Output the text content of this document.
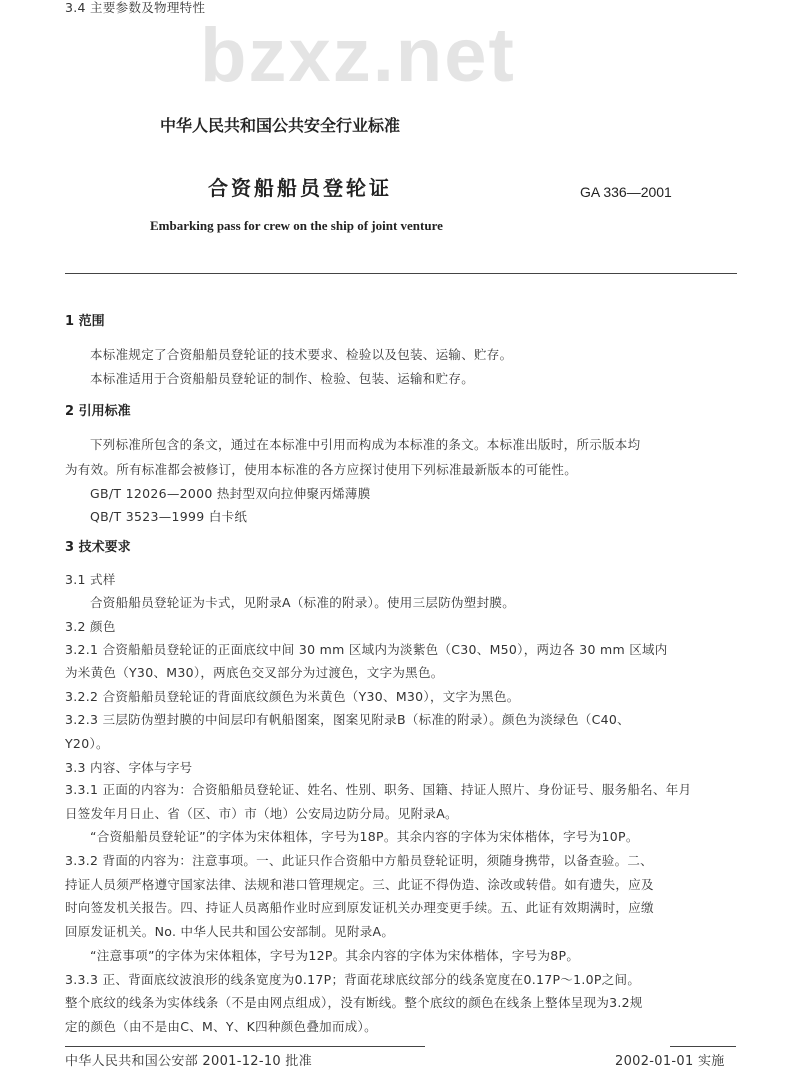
bzxz.net
中华人民共和国公共安全行业标准
合资船船员登轮证	GA 336—2001
Embarking pass for crew on the ship of joint venture
1 范围
本标准规定了合资船船员登轮证的技术要求、检验以及包装、运输、贮存。
本标准适用于合资船船员登轮证的制作、检验、包装、运输和贮存。
2 引用标准
下列标准所包含的条文，通过在本标准中引用而构成为本标准的条文。本标准出版时，所示版本均
为有效。所有标准都会被修订，使用本标准的各方应探讨使用下列标准最新版本的可能性。
GB/T 12026—2000 热封型双向拉伸聚丙烯薄膜
QB/T 3523—1999 白卡纸
3 技术要求
3.1 式样
合资船船员登轮证为卡式，见附录A（标准的附录）。使用三层防伪塑封膜。
3.2 颜色
3.2.1 合资船船员登轮证的正面底纹中间 30 mm 区域内为淡紫色（C30、M50），两边各 30 mm 区域内
为米黄色（Y30、M30），两底色交叉部分为过渡色，文字为黑色。
3.2.2 合资船船员登轮证的背面底纹颜色为米黄色（Y30、M30），文字为黑色。
3.2.3 三层防伪塑封膜的中间层印有帆船图案，图案见附录B（标准的附录）。颜色为淡绿色（C40、
Y20）。
3.3 内容、字体与字号
3.3.1 正面的内容为：合资船船员登轮证、姓名、性别、职务、国籍、持证人照片、身份证号、服务船名、年月
日签发年月日止、省（区、市）市（地）公安局边防分局。见附录A。
“合资船船员登轮证”的字体为宋体粗体，字号为18P。其余内容的字体为宋体楷体，字号为10P。
3.3.2 背面的内容为：注意事项。一、此证只作合资船中方船员登轮证明，须随身携带，以备查验。二、
持证人员须严格遵守国家法律、法规和港口管理规定。三、此证不得伪造、涂改或转借。如有遗失，应及
时向签发机关报告。四、持证人员离船作业时应到原发证机关办理变更手续。五、此证有效期满时，应缴
回原发证机关。No. 中华人民共和国公安部制。见附录A。
“注意事项”的字体为宋体粗体，字号为12P。其余内容的字体为宋体楷体，字号为8P。
3.3.3 正、背面底纹波浪形的线条宽度为0.17P；背面花球底纹部分的线条宽度在0.17P～1.0P之间。
整个底纹的线条为实体线条（不是由网点组成），没有断线。整个底纹的颜色在线条上整体呈现为3.2规
定的颜色（由不是由C、M、Y、K四种颜色叠加而成）。
3.4 主要参数及物理特性
中华人民共和国公安部 2001-12-10 批准	2002-01-01 实施
